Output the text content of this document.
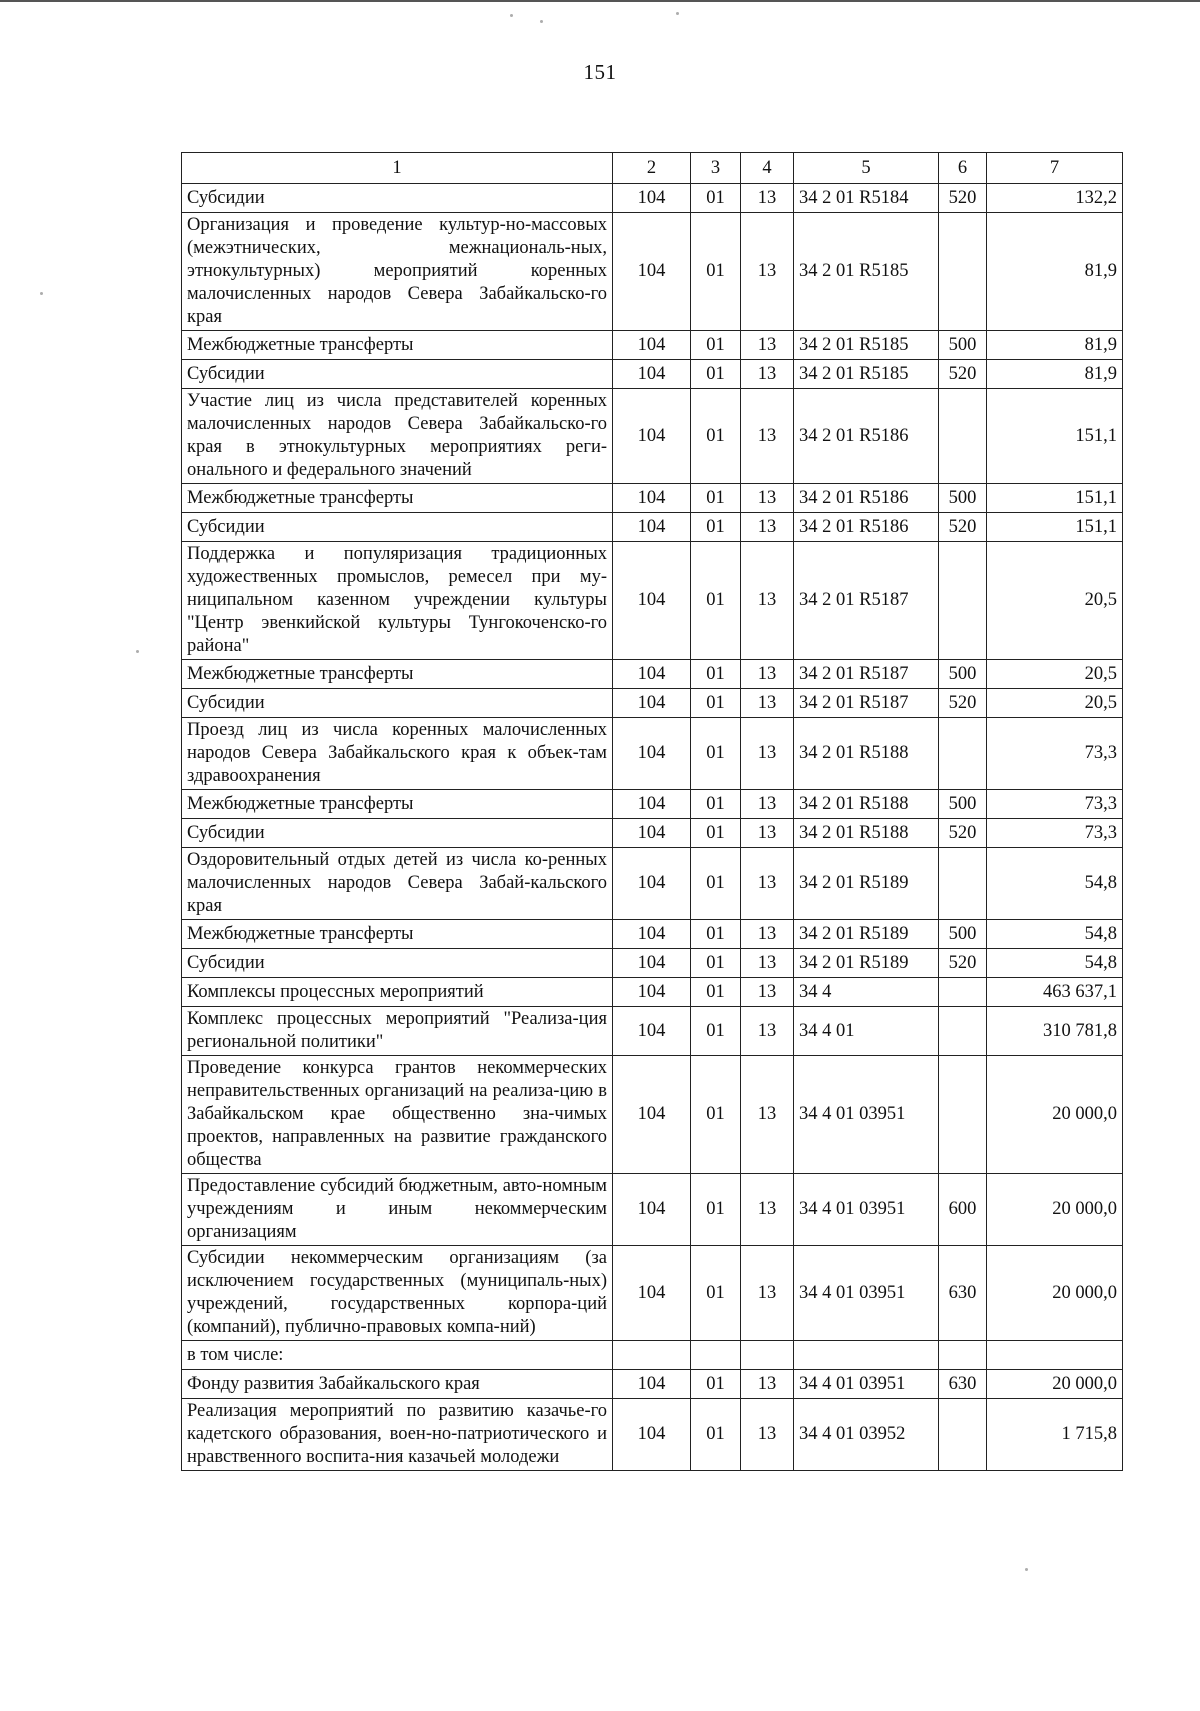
151
1	2	3	4	5	6	7
Субсидии	104	01	13	34 2 01 R5184	520	132,2
Организация и проведение культур-но-массовых (межэтнических, межнациональ-ных, этнокультурных) мероприятий коренных малочисленных народов Севера Забайкальско-го края	104	01	13	34 2 01 R5185		81,9
Межбюджетные трансферты	104	01	13	34 2 01 R5185	500	81,9
Субсидии	104	01	13	34 2 01 R5185	520	81,9
Участие лиц из числа представителей коренных малочисленных народов Севера Забайкальско-го края в этнокультурных мероприятиях реги-онального и федерального значений	104	01	13	34 2 01 R5186		151,1
Межбюджетные трансферты	104	01	13	34 2 01 R5186	500	151,1
Субсидии	104	01	13	34 2 01 R5186	520	151,1
Поддержка и популяризация традиционных художественных промыслов, ремесел при му-ниципальном казенном учреждении культуры "Центр эвенкийской культуры Тунгокоченско-го района"	104	01	13	34 2 01 R5187		20,5
Межбюджетные трансферты	104	01	13	34 2 01 R5187	500	20,5
Субсидии	104	01	13	34 2 01 R5187	520	20,5
Проезд лиц из числа коренных малочисленных народов Севера Забайкальского края к объек-там здравоохранения	104	01	13	34 2 01 R5188		73,3
Межбюджетные трансферты	104	01	13	34 2 01 R5188	500	73,3
Субсидии	104	01	13	34 2 01 R5188	520	73,3
Оздоровительный отдых детей из числа ко-ренных малочисленных народов Севера Забай-кальского края	104	01	13	34 2 01 R5189		54,8
Межбюджетные трансферты	104	01	13	34 2 01 R5189	500	54,8
Субсидии	104	01	13	34 2 01 R5189	520	54,8
Комплексы процессных мероприятий	104	01	13	34 4		463 637,1
Комплекс процессных мероприятий "Реализа-ция региональной политики"	104	01	13	34 4 01		310 781,8
Проведение конкурса грантов некоммерческих неправительственных организаций на реализа-цию в Забайкальском крае общественно зна-чимых проектов, направленных на развитие гражданского общества	104	01	13	34 4 01 03951		20 000,0
Предоставление субсидий бюджетным, авто-номным учреждениям и иным некоммерческим организациям	104	01	13	34 4 01 03951	600	20 000,0
Субсидии некоммерческим организациям (за исключением государственных (муниципаль-ных) учреждений, государственных корпора-ций (компаний), публично-правовых компа-ний)	104	01	13	34 4 01 03951	630	20 000,0
в том числе:						
Фонду развития Забайкальского края	104	01	13	34 4 01 03951	630	20 000,0
Реализация мероприятий по развитию казачье-го кадетского образования, воен-но-патриотического и нравственного воспита-ния казачьей молодежи	104	01	13	34 4 01 03952		1 715,8
